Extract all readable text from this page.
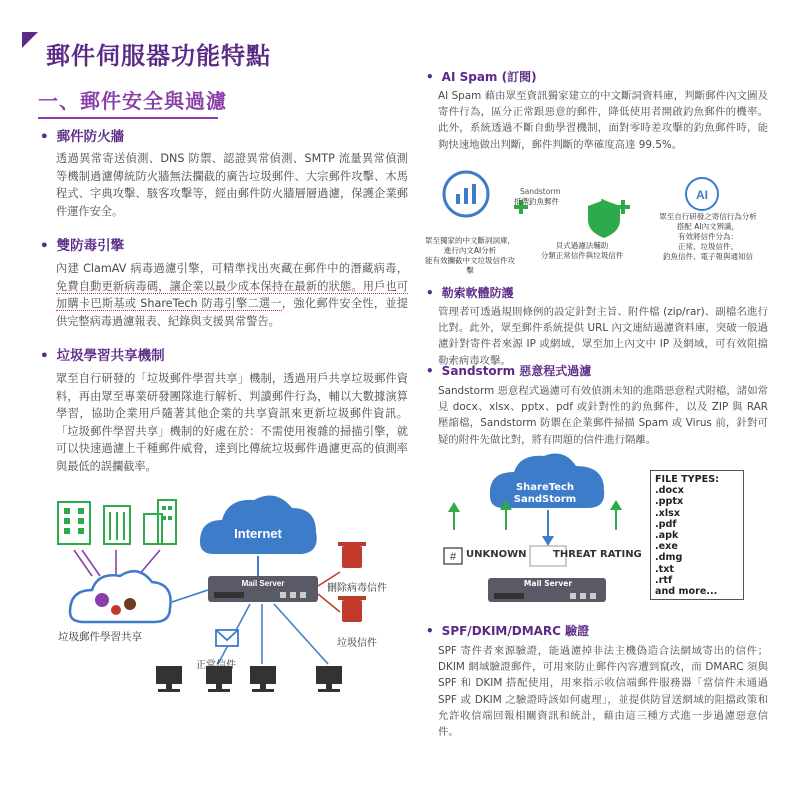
郵件伺服器功能特點
一、郵件安全與過濾
• 郵件防火牆
透過異常寄送偵測、DNS 防禦、認證異常偵測、SMTP 流量異常偵測等機制過濾傳統防火牆無法攔截的廣告垃圾郵件、大宗郵件攻擊、木馬程式、字典攻擊、駭客攻擊等，經由郵件防火牆層層過濾，保護企業郵件運作安全。
• 雙防毒引擎
內建 ClamAV 病毒過濾引擎，可精準找出夾藏在郵件中的潛藏病毒，免費自動更新病毒碼，讓企業以最少成本保持在最新的狀態。用戶也可加購卡巴斯基或 ShareTech 防毒引擎二選一，強化郵件安全性，並提供完整病毒過濾報表、紀錄與支援異常警告。
• 垃圾學習共享機制
眾至自行研發的「垃圾郵件學習共享」機制，透過用戶共享垃圾郵件資料，再由眾至專業研發團隊進行解析、判讀郵件行為，輔以大數據演算學習，協助企業用戶隨著其他企業的共享資訊來更新垃圾郵件資訊。「垃圾郵件學習共享」機制的好處在於：不需使用複雜的掃描引擎，就可以快速過濾上千種郵件威脅，達到比傳統垃圾郵件過濾更高的偵測率與最低的誤攔截率。
Internet
Mail Server	刪除病毒信件
垃圾信件
正常信件
垃圾郵件學習共享
• AI Spam (訂閱)
AI Spam 藉由眾至資訊獨家建立的中文斷詞資料庫，判斷郵件內文圖及寄件行為，區分正常跟惡意的郵件，降低使用者開啟釣魚郵件的機率。此外，系統透過不斷自動學習機制，面對零時差攻擊的釣魚郵件時，能夠快速地做出判斷，郵件判斷的準確度高達 99.5%。
AI
+
Sandstorm
抵禦釣魚郵件
眾至獨家的中文斷詞詞庫，
進行內文AI分析
能有效攔截中文垃圾信件攻擊
貝式過濾法輔助
分類正常信件與垃圾信件
眾至自行研發之寄信行為分析
搭配 AI內文辨識，
有效將信件分為：
正常、垃圾信件、
釣魚信件、電子報與通知信
• 勒索軟體防護
管理者可透過規則條例的設定針對主旨、附件檔 (zip/rar)、副檔名進行比對。此外，眾至郵件系統提供 URL 內文連結過濾資料庫，突破一般過濾針對寄件者來源 IP 或網域，眾至加上內文中 IP 及網域，可有效阻擋勒索病毒攻擊。
• Sandstorm 惡意程式過濾
Sandstorm 惡意程式過濾可有效偵測未知的進階惡意程式附檔，諸如常見 docx、xlsx、pptx、pdf 或針對性的釣魚郵件，以及 ZIP 與 RAR 壓縮檔，Sandstorm 防禦在企業郵件掃描 Spam 或 Virus 前，針對可疑的附件先做比對，將有問題的信件進行隔離。
#
ShareTech
SandStorm
UNKNOWN	THREAT RATING
Mail Server
FILE TYPES:
.docx
.pptx
.xlsx
.pdf
.apk
.exe
.dmg
.txt
.rtf
and more...
• SPF/DKIM/DMARC 驗證
SPF 寄件者來源驗證，能過濾掉非法主機偽造合法網域寄出的信件；DKIM 網域驗證郵件，可用來防止郵件內容遭到竄改，而 DMARC 須與 SPF 和 DKIM 搭配使用，用來指示收信端郵件服務器「當信件未通過 SPF 或 DKIM 之驗證時該如何處理」，並提供防冒送網域的阻擋政策和允許收信端回報相關資訊和統計，藉由這三種方式進一步過濾惡意信件。
